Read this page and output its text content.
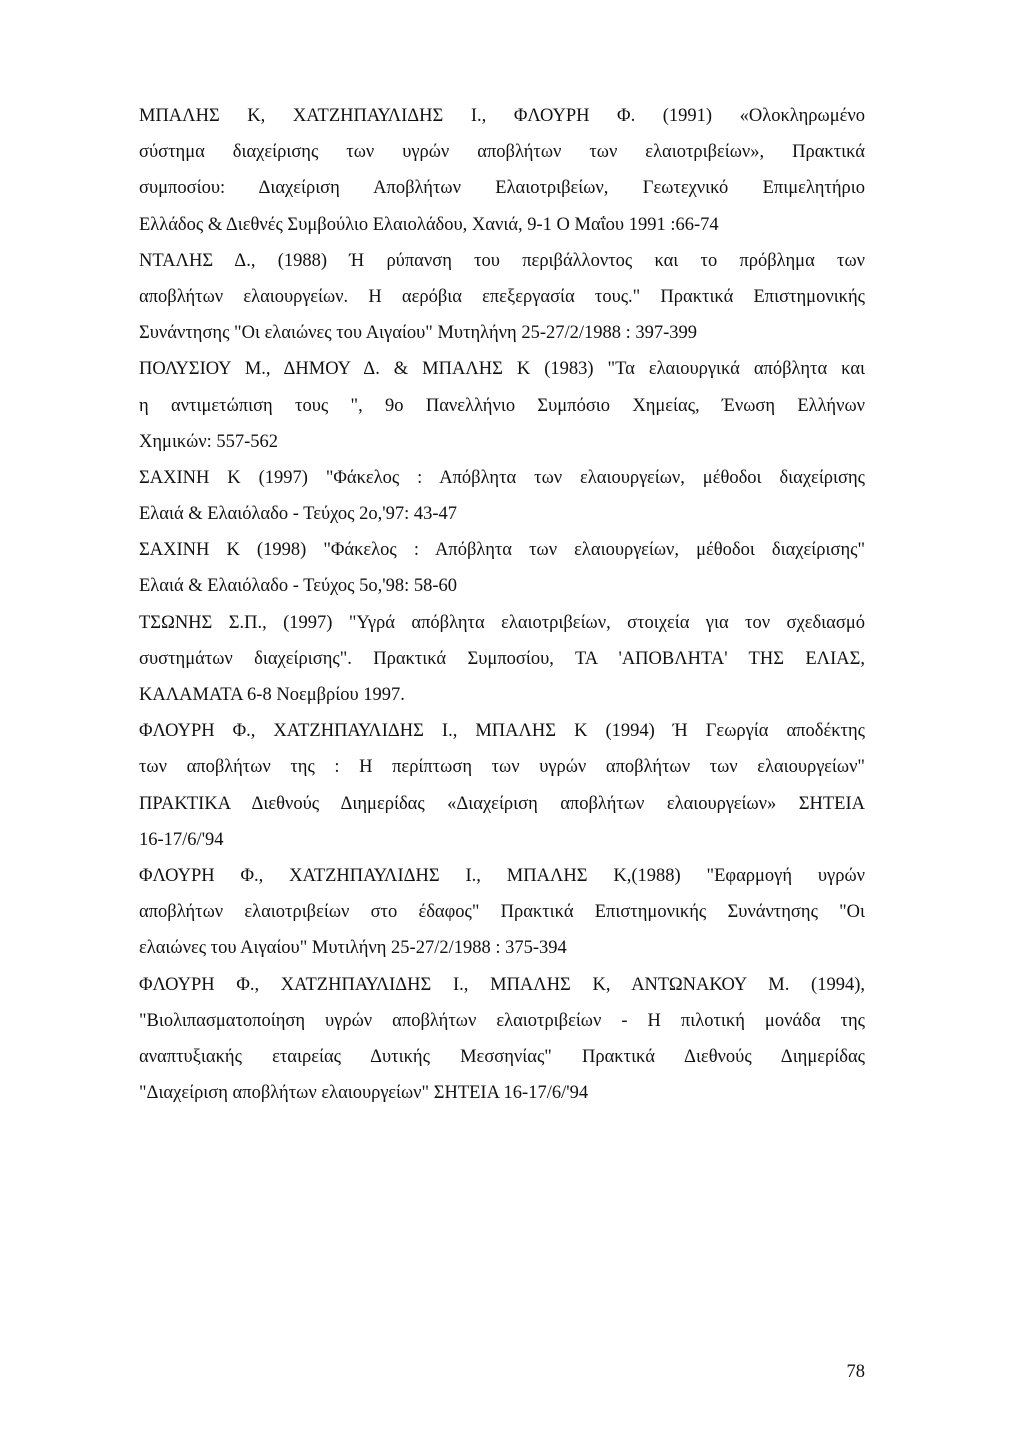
ΜΠΑΛΗΣ Κ, ΧΑΤΖΗΠΑΥΛΙΔΗΣ Ι., ΦΛΟΥΡΗ Φ. (1991) «Ολοκληρωμένο
σύστημα διαχείρισης των υγρών αποβλήτων των ελαιοτριβείων», Πρακτικά
συμποσίου: Διαχείριση Αποβλήτων Ελαιοτριβείων, Γεωτεχνικό Επιμελητήριο
Ελλάδος & Διεθνές Συμβούλιο Ελαιολάδου, Χανιά, 9-1 Ο Μαΐου 1991 :66-74
ΝΤΑΛΗΣ Δ., (1988) Ή ρύπανση του περιβάλλοντος και το πρόβλημα των
αποβλήτων ελαιουργείων. Η αερόβια επεξεργασία τους." Πρακτικά Επιστημονικής
Συνάντησης "Οι ελαιώνες του Αιγαίου" Μυτηλήνη 25-27/2/1988 : 397-399
ΠΟΛΥΣΙΟΥ Μ., ΔΗΜΟΥ Δ. & ΜΠΑΛΗΣ Κ (1983) "Τα ελαιουργικά απόβλητα και
η αντιμετώπιση τους ", 9ο Πανελλήνιο Συμπόσιο Χημείας, Ένωση Ελλήνων
Χημικών: 557-562
ΣΑΧΙΝΗ Κ (1997) "Φάκελος : Απόβλητα των ελαιουργείων, μέθοδοι διαχείρισης
Ελαιά & Ελαιόλαδο - Τεύχος 2ο,'97: 43-47
ΣΑΧΙΝΗ Κ (1998) "Φάκελος : Απόβλητα των ελαιουργείων, μέθοδοι διαχείρισης"
Ελαιά & Ελαιόλαδο - Τεύχος 5ο,'98: 58-60
ΤΣΩΝΗΣ Σ.Π., (1997) "Υγρά απόβλητα ελαιοτριβείων, στοιχεία για τον σχεδιασμό
συστημάτων διαχείρισης". Πρακτικά Συμποσίου, ΤΑ 'ΑΠΟΒΛΗΤΑ' ΤΗΣ ΕΛΙΑΣ,
ΚΑΛΑΜΑΤΑ 6-8 Νοεμβρίου 1997.
ΦΛΟΥΡΗ Φ., ΧΑΤΖΗΠΑΥΛΙΔΗΣ Ι., ΜΠΑΛΗΣ Κ (1994) Ή Γεωργία αποδέκτης
των αποβλήτων της : Η περίπτωση των υγρών αποβλήτων των ελαιουργείων"
ΠΡΑΚΤΙΚΑ Διεθνούς Διημερίδας «Διαχείριση αποβλήτων ελαιουργείων» ΣΗΤΕΙΑ
16-17/6/'94
ΦΛΟΥΡΗ Φ., ΧΑΤΖΗΠΑΥΛΙΔΗΣ Ι., ΜΠΑΛΗΣ Κ,(1988) "Εφαρμογή υγρών
αποβλήτων ελαιοτριβείων στο έδαφος" Πρακτικά Επιστημονικής Συνάντησης "Οι
ελαιώνες του Αιγαίου" Μυτιλήνη 25-27/2/1988 : 375-394
ΦΛΟΥΡΗ Φ., ΧΑΤΖΗΠΑΥΛΙΔΗΣ Ι., ΜΠΑΛΗΣ Κ, ΑΝΤΩΝΑΚΟΥ Μ. (1994),
"Βιολιπασματοποίηση υγρών αποβλήτων ελαιοτριβείων - Η πιλοτική μονάδα της
αναπτυξιακής εταιρείας Δυτικής Μεσσηνίας" Πρακτικά Διεθνούς Διημερίδας
"Διαχείριση αποβλήτων ελαιουργείων" ΣΗΤΕΙΑ 16-17/6/'94
78
